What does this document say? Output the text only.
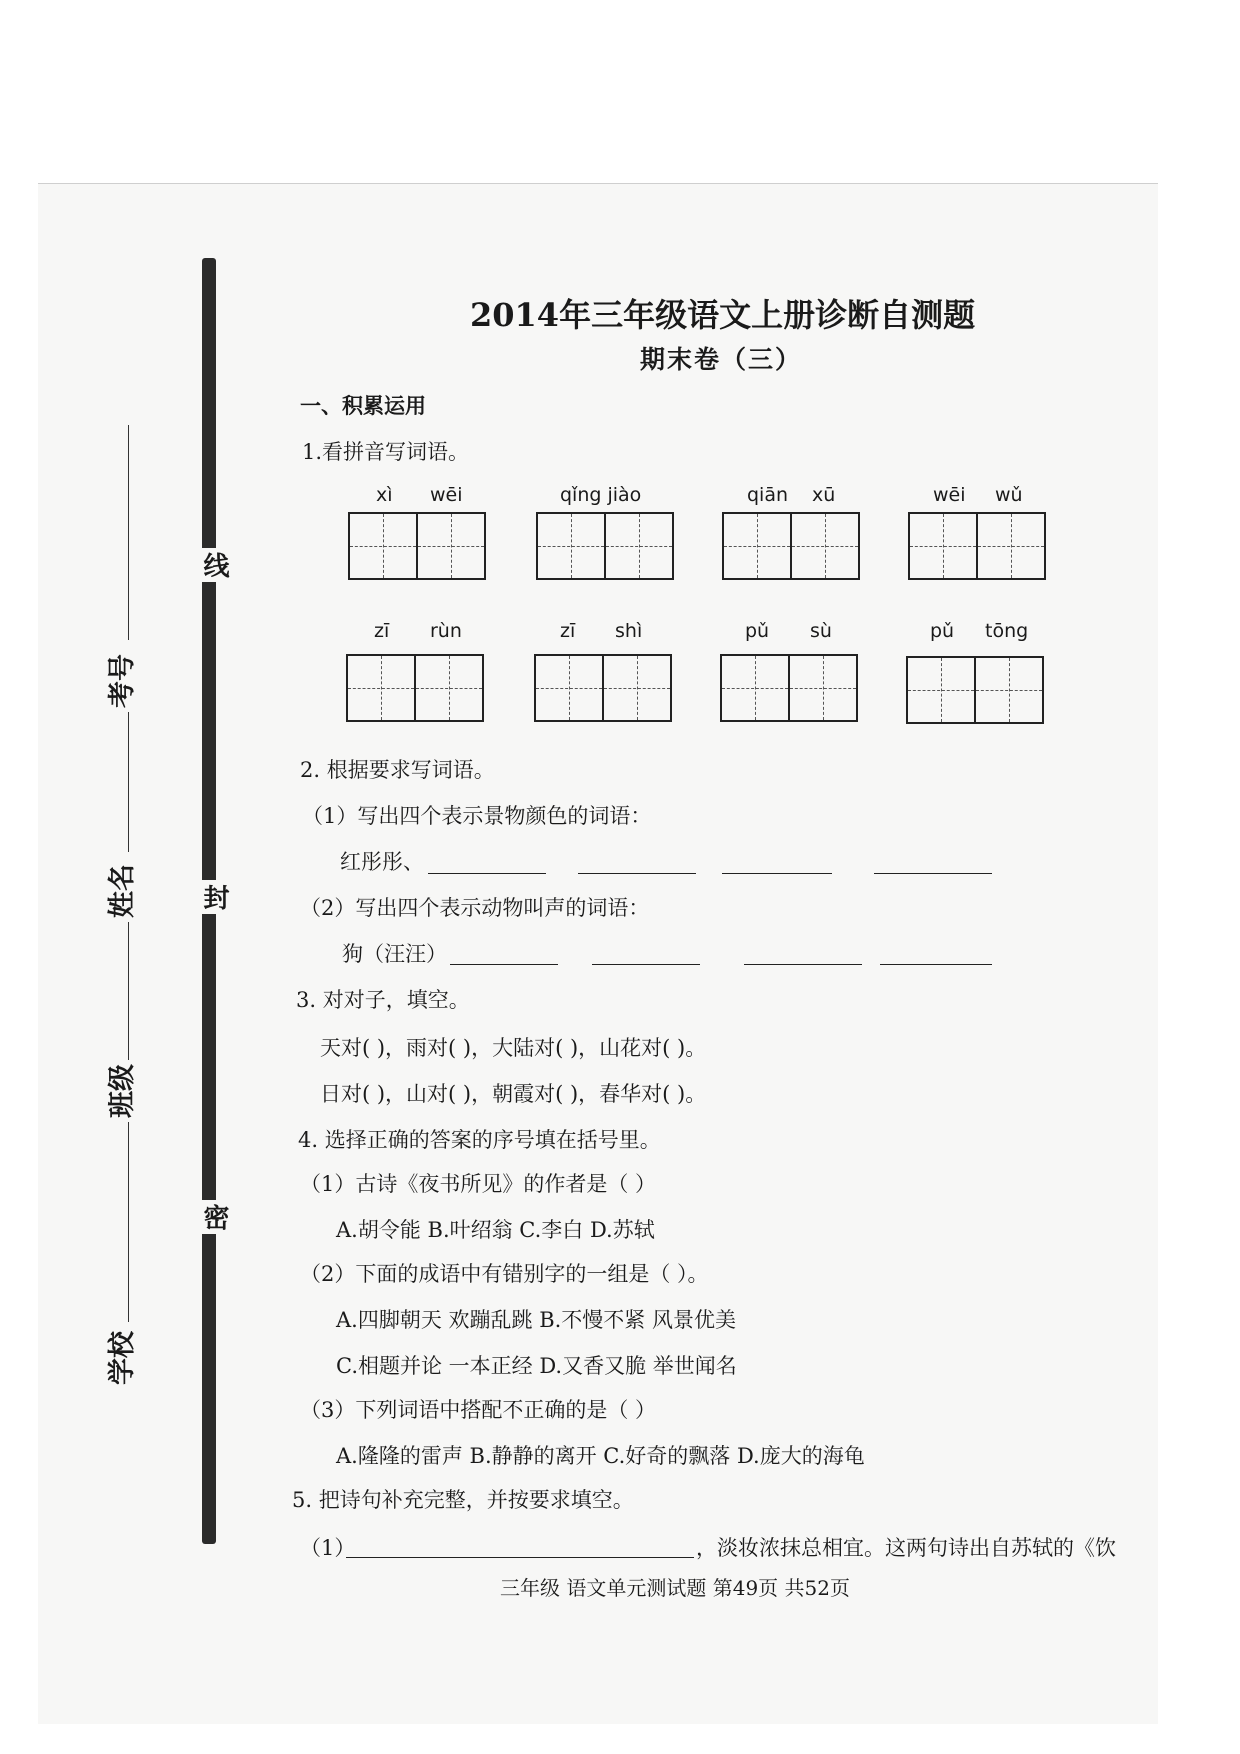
线
封
密
考号
姓名
班级
学校
2014年三年级语文上册诊断自测题
期末卷（三）
一、积累运用
1.看拼音写词语。
xì wēi	qǐng jiào	qiān xū	wēi wǔ
zī rùn	zī shì	pǔ sù	pǔ tōng
2. 根据要求写词语。
（1）写出四个表示景物颜色的词语：
红彤彤、
（2）写出四个表示动物叫声的词语：
狗（汪汪）
3. 对对子，填空。
天对( )，雨对( )，大陆对( )，山花对( )。
日对( )，山对( )，朝霞对( )，春华对( )。
4. 选择正确的答案的序号填在括号里。
（1）古诗《夜书所见》的作者是（ ）
A.胡令能 B.叶绍翁 C.李白 D.苏轼
（2）下面的成语中有错别字的一组是（ ）。
A.四脚朝天 欢蹦乱跳 B.不慢不紧 风景优美
C.相题并论 一本正经 D.又香又脆 举世闻名
（3）下列词语中搭配不正确的是（ ）
A.隆隆的雷声 B.静静的离开 C.好奇的飘落 D.庞大的海龟
5. 把诗句补充完整，并按要求填空。
（1）	，淡妆浓抹总相宜。这两句诗出自苏轼的《饮
三年级 语文单元测试题 第49页 共52页
